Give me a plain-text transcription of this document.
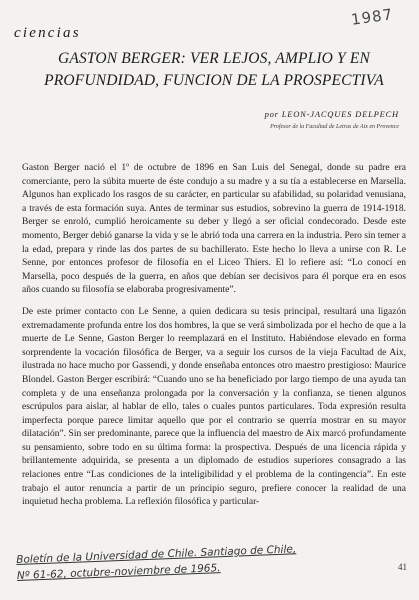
1987
ciencias
GASTON BERGER: VER LEJOS, AMPLIO Y EN PROFUNDIDAD, FUNCION DE LA PROSPECTIVA
por LEON-JACQUES DELPECH
Profesor de la Facultad de Letras de Aix en Provence

Gaston Berger nació el 1º de octubre de 1896 en San Luis del Senegal, donde su padre era comerciante, pero la súbita muerte de éste condujo a su madre y a su tía a establecerse en Marsella. Algunos han explicado los rasgos de su carácter, en particular su afabilidad, su polaridad venusiana, a través de esta formación suya. Antes de terminar sus estudios, sobrevino la guerra de 1914-1918. Berger se enroló, cumplió heroicamente su deber y llegó a ser oficial condecorado. Desde este momento, Berger debió ganarse la vida y se le abrió toda una carrera en la industria. Pero sin temer a la edad, prepara y rinde las dos partes de su bachillerato. Este hecho lo lleva a unirse con R. Le Senne, por entonces profesor de filosofía en el Liceo Thiers. El lo refiere así: “Lo conocí en Marsella, poco después de la guerra, en años que debían ser decisivos para él porque era en esos años cuando su filosofía se elaboraba progresivamente”.

De este primer contacto con Le Senne, a quien dedicara su tesis principal, resultará una ligazón extremadamente profunda entre los dos hombres, la que se verá simbolizada por el hecho de que a la muerte de Le Senne, Gaston Berger lo reemplazará en el Instituto. Habiéndose elevado en forma sorprendente la vocación filosófica de Berger, va a seguir los cursos de la vieja Facultad de Aix, ilustrada no hace mucho por Gassendi, y donde enseñaba entonces otro maestro prestigioso: Maurice Blondel. Gaston Berger escribirá: “Cuando uno se ha beneficiado por largo tiempo de una ayuda tan completa y de una enseñanza prolongada por la conversación y la confianza, se tienen algunos escrúpulos para aislar, al hablar de ello, tales o cuales puntos particulares. Toda expresión resulta imperfecta porque parece limitar aquello que por el contrario se querría mostrar en su mayor dilatación”. Sin ser predominante, parece que la influencia del maestro de Aix marcó profundamente su pensamiento, sobre todo en su última forma: la prospectiva. Después de una licencia rápida y brillantemente adquirida, se presenta a un diplomado de estudios superiores consagrado a las relaciones entre “Las condiciones de la inteligibilidad y el problema de la contingencia”. En este trabajo el autor renuncia a partir de un principio seguro, prefiere conocer la realidad de una inquietud hecha problema. La reflexión filosófica y particular-

Boletín de la Universidad de Chile. Santiago de Chile,
Nº 61-62, octubre-noviembre de 1965.	41
